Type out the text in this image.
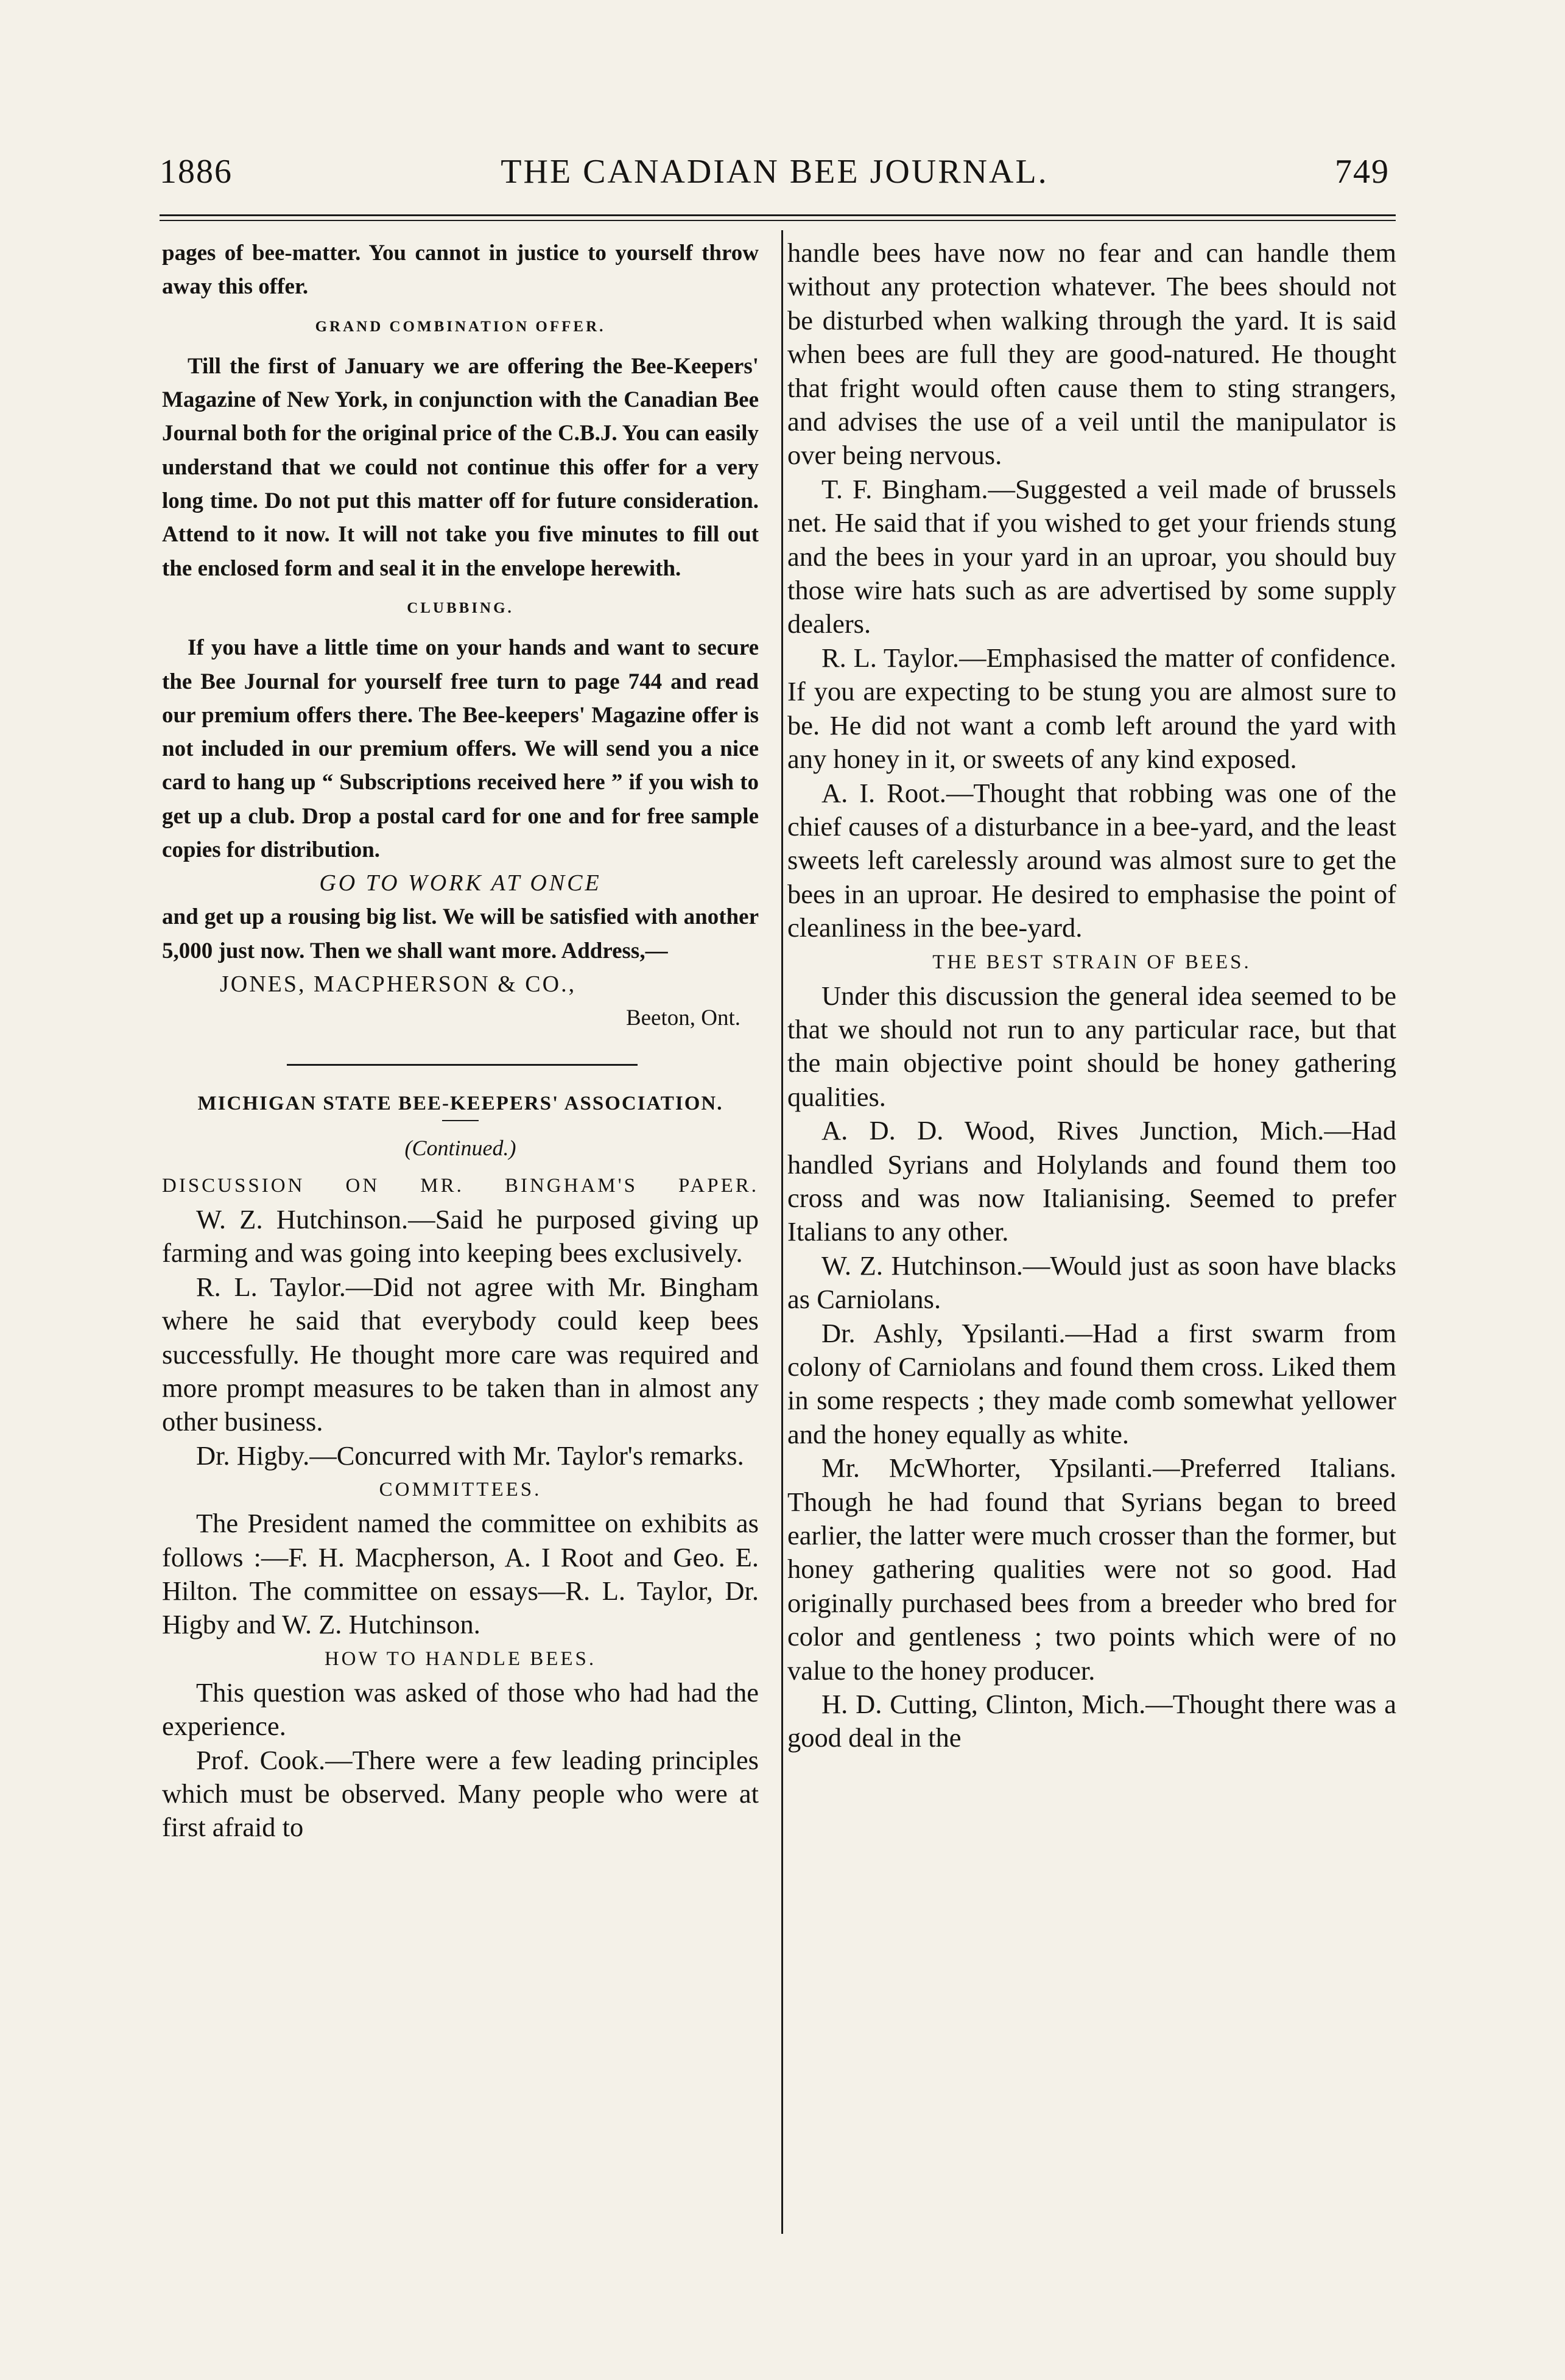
1886	THE CANADIAN BEE JOURNAL.	749

pages of bee-matter. You cannot in justice to yourself throw away this offer.

GRAND COMBINATION OFFER.

Till the first of January we are offering the Bee-Keepers' Magazine of New York, in conjunction with the Canadian Bee Journal both for the original price of the C.B.J. You can easily understand that we could not continue this offer for a very long time. Do not put this matter off for future consideration. Attend to it now. It will not take you five minutes to fill out the enclosed form and seal it in the envelope herewith.

CLUBBING.

If you have a little time on your hands and want to secure the Bee Journal for yourself free turn to page 744 and read our premium offers there. The Bee-keepers' Magazine offer is not included in our premium offers. We will send you a nice card to hang up “ Subscriptions received here ” if you wish to get up a club. Drop a postal card for one and for free sample copies for distribution.

GO TO WORK AT ONCE

and get up a rousing big list. We will be satisfied with another 5,000 just now. Then we shall want more. Address,—

JONES, MACPHERSON & CO.,
Beeton, Ont.
MICHIGAN STATE BEE-KEEPERS' ASSOCIATION.
(Continued.)
DISCUSSION ON MR. BINGHAM'S PAPER.

W. Z. Hutchinson.—Said he purposed giving up farming and was going into keeping bees exclusively.

R. L. Taylor.—Did not agree with Mr. Bingham where he said that everybody could keep bees successfully. He thought more care was required and more prompt measures to be taken than in almost any other business.

Dr. Higby.—Concurred with Mr. Taylor's remarks.

COMMITTEES.

The President named the committee on exhibits as follows :—F. H. Macpherson, A. I Root and Geo. E. Hilton. The committee on essays—R. L. Taylor, Dr. Higby and W. Z. Hutchinson.

HOW TO HANDLE BEES.

This question was asked of those who had had the experience.

Prof. Cook.—There were a few leading principles which must be observed. Many people who were at first afraid to

handle bees have now no fear and can handle them without any protection whatever. The bees should not be disturbed when walking through the yard. It is said when bees are full they are good-natured. He thought that fright would often cause them to sting strangers, and advises the use of a veil until the manipulator is over being nervous.

T. F. Bingham.—Suggested a veil made of brussels net. He said that if you wished to get your friends stung and the bees in your yard in an uproar, you should buy those wire hats such as are advertised by some supply dealers.

R. L. Taylor.—Emphasised the matter of confidence. If you are expecting to be stung you are almost sure to be. He did not want a comb left around the yard with any honey in it, or sweets of any kind exposed.

A. I. Root.—Thought that robbing was one of the chief causes of a disturbance in a bee-yard, and the least sweets left carelessly around was almost sure to get the bees in an uproar. He desired to emphasise the point of cleanliness in the bee-yard.

THE BEST STRAIN OF BEES.

Under this discussion the general idea seemed to be that we should not run to any particular race, but that the main objective point should be honey gathering qualities.

A. D. D. Wood, Rives Junction, Mich.—Had handled Syrians and Holylands and found them too cross and was now Italianising. Seemed to prefer Italians to any other.

W. Z. Hutchinson.—Would just as soon have blacks as Carniolans.

Dr. Ashly, Ypsilanti.—Had a first swarm from colony of Carniolans and found them cross. Liked them in some respects ; they made comb somewhat yellower and the honey equally as white.

Mr. McWhorter, Ypsilanti.—Preferred Italians. Though he had found that Syrians began to breed earlier, the latter were much crosser than the former, but honey gathering qualities were not so good. Had originally purchased bees from a breeder who bred for color and gentleness ; two points which were of no value to the honey producer.

H. D. Cutting, Clinton, Mich.—Thought there was a good deal in the
